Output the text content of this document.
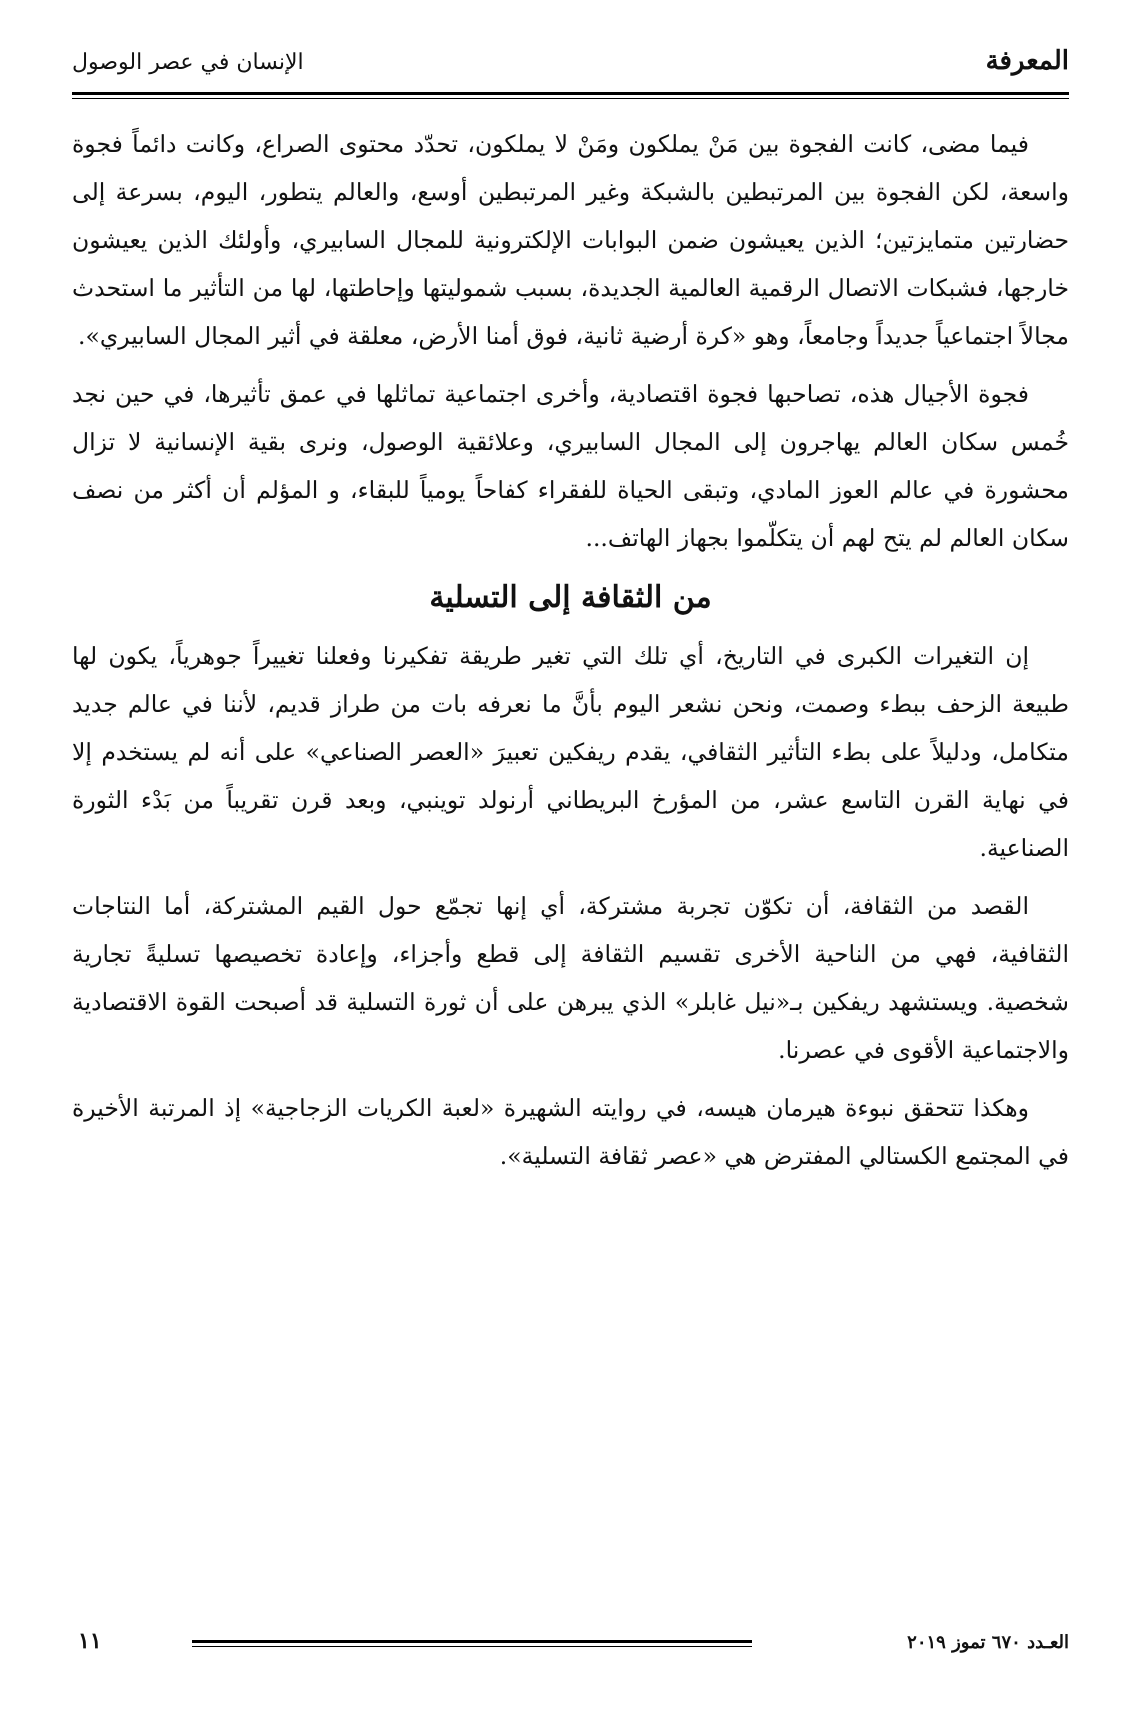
المعرفة
الإنسان في عصر الوصول

فيما مضى، كانت الفجوة بين مَنْ يملكون ومَنْ لا يملكون، تحدّد محتوى الصراع، وكانت دائماً فجوة واسعة، لكن الفجوة بين المرتبطين بالشبكة وغير المرتبطين أوسع، والعالم يتطور، اليوم، بسرعة إلى حضارتين متمايزتين؛ الذين يعيشون ضمن البوابات الإلكترونية للمجال السابيري، وأولئك الذين يعيشون خارجها، فشبكات الاتصال الرقمية العالمية الجديدة، بسبب شموليتها وإحاطتها، لها من التأثير ما استحدث مجالاً اجتماعياً جديداً وجامعاً، وهو «كرة أرضية ثانية، فوق أمنا الأرض، معلقة في أثير المجال السابيري».

فجوة الأجيال هذه، تصاحبها فجوة اقتصادية، وأخرى اجتماعية تماثلها في عمق تأثيرها، في حين نجد خُمس سكان العالم يهاجرون إلى المجال السابيري، وعلائقية الوصول، ونرى بقية الإنسانية لا تزال محشورة في عالم العوز المادي، وتبقى الحياة للفقراء كفاحاً يومياً للبقاء، و المؤلم أن أكثر من نصف سكان العالم لم يتح لهم أن يتكلّموا بجهاز الهاتف...

من الثقافة إلى التسلية

إن التغيرات الكبرى في التاريخ، أي تلك التي تغير طريقة تفكيرنا وفعلنا تغييراً جوهرياً، يكون لها طبيعة الزحف ببطء وصمت، ونحن نشعر اليوم بأنَّ ما نعرفه بات من طراز قديم، لأننا في عالم جديد متكامل، ودليلاً على بطء التأثير الثقافي، يقدم ريفكين تعبيرَ «العصر الصناعي» على أنه لم يستخدم إلا في نهاية القرن التاسع عشر، من المؤرخ البريطاني أرنولد توينبي، وبعد قرن تقريباً من بَدْء الثورة الصناعية.

القصد من الثقافة، أن تكوّن تجربة مشتركة، أي إنها تجمّع حول القيم المشتركة، أما النتاجات الثقافية، فهي من الناحية الأخرى تقسيم الثقافة إلى قطع وأجزاء، وإعادة تخصيصها تسليةً تجارية شخصية. ويستشهد ريفكين بـ«نيل غابلر» الذي يبرهن على أن ثورة التسلية قد أصبحت القوة الاقتصادية والاجتماعية الأقوى في عصرنا.

وهكذا تتحقق نبوءة هيرمان هيسه، في روايته الشهيرة «لعبة الكريات الزجاجية» إذ المرتبة الأخيرة في المجتمع الكستالي المفترض هي «عصر ثقافة التسلية».

العـدد ٦٧٠ تموز ٢٠١٩
١١
